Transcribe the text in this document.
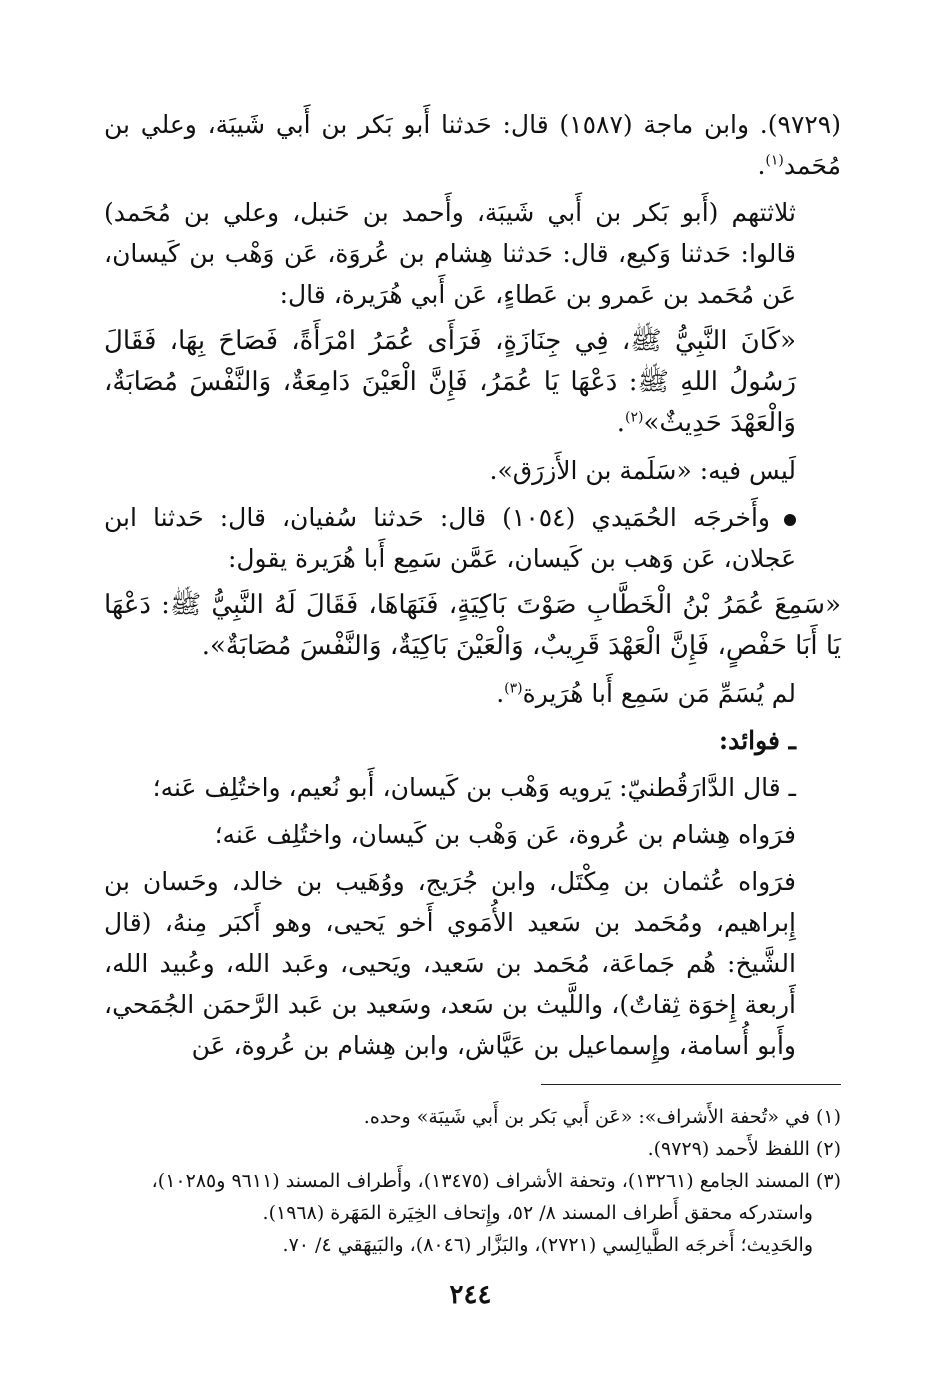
(٩٧٢٩). وابن ماجة (١٥٨٧) قال: حَدثنا أَبو بَكر بن أَبي شَيبَة، وعلي بن مُحَمد$^{(١)}$.

ثلاثتهم (أَبو بَكر بن أَبي شَيبَة، وأَحمد بن حَنبل، وعلي بن مُحَمد) قالوا: حَدثنا وَكيع، قال: حَدثنا هِشام بن عُروَة، عَن وَهْب بن كَيسان، عَن مُحَمد بن عَمرو بن عَطاءٍ، عَن أَبي هُرَيرة، قال:

«كَانَ النَّبِيُّ ﷺ، فِي جِنَازَةٍ، فَرَأَى عُمَرُ امْرَأَةً، فَصَاحَ بِهَا، فَقَالَ رَسُولُ اللهِ ﷺ: دَعْهَا يَا عُمَرُ، فَإِنَّ الْعَيْنَ دَامِعَةٌ، وَالنَّفْسَ مُصَابَةٌ، وَالْعَهْدَ حَدِيثٌ»$^{(٢)}$.

لَيس فيه: «سَلَمة بن الأَزرَق».

وأَخرجَه الحُمَيدي (١٠٥٤) قال: حَدثنا سُفيان، قال: حَدثنا ابن عَجلان، عَن وَهب بن كَيسان، عَمَّن سَمِع أَبا هُرَيرة يقول:

«سَمِعَ عُمَرُ بْنُ الْخَطَّابِ صَوْتَ بَاكِيَةٍ، فَنَهَاهَا، فَقَالَ لَهُ النَّبِيُّ ﷺ: دَعْهَا يَا أَبَا حَفْصٍ، فَإِنَّ الْعَهْدَ قَرِيبٌ، وَالْعَيْنَ بَاكِيَةٌ، وَالنَّفْسَ مُصَابَةٌ».

لم يُسَمِّ مَن سَمِع أَبا هُرَيرة$^{(٣)}$.

ـ فوائد:

ـ قال الدَّارَقُطنيّ: يَرويه وَهْب بن كَيسان، أَبو نُعيم، واختُلِف عَنه؛

فرَواه هِشام بن عُروة، عَن وَهْب بن كَيسان، واختُلِف عَنه؛

فرَواه عُثمان بن مِكْتَل، وابن جُرَيج، ووُهَيب بن خالد، وحَسان بن إِبراهيم، ومُحَمد بن سَعيد الأُمَوي أَخو يَحيى، وهو أَكبَر مِنهُ، (قال الشَّيخ: هُم جَماعَة، مُحَمد بن سَعيد، ويَحيى، وعَبد الله، وعُبيد الله، أَربعة إِخوَة ثِقاتٌ)، واللَّيث بن سَعد، وسَعيد بن عَبد الرَّحمَن الجُمَحي، وأَبو أُسامة، وإِسماعيل بن عَيَّاش، وابن هِشام بن عُروة، عَن

(١) في «تُحفة الأَشراف»: «عَن أَبي بَكر بن أَبي شَيبَة» وحده.

(٢) اللفظ لأَحمد (٩٧٢٩).

(٣) المسند الجامع (١٣٢٦١)، وتحفة الأشراف (١٣٤٧٥)، وأَطراف المسند (٩٦١١ و١٠٢٨٥)،

واستدركه محقق أَطراف المسند ٨/ ٥٢، وإِتحاف الخِيَرة المَهَرة (١٩٦٨).

والحَدِيث؛ أَخرجَه الطَّيالِسي (٢٧٢١)، والبَزَّار (٨٠٤٦)، والبَيهَقي ٤/ ٧٠.

٢٤٤
